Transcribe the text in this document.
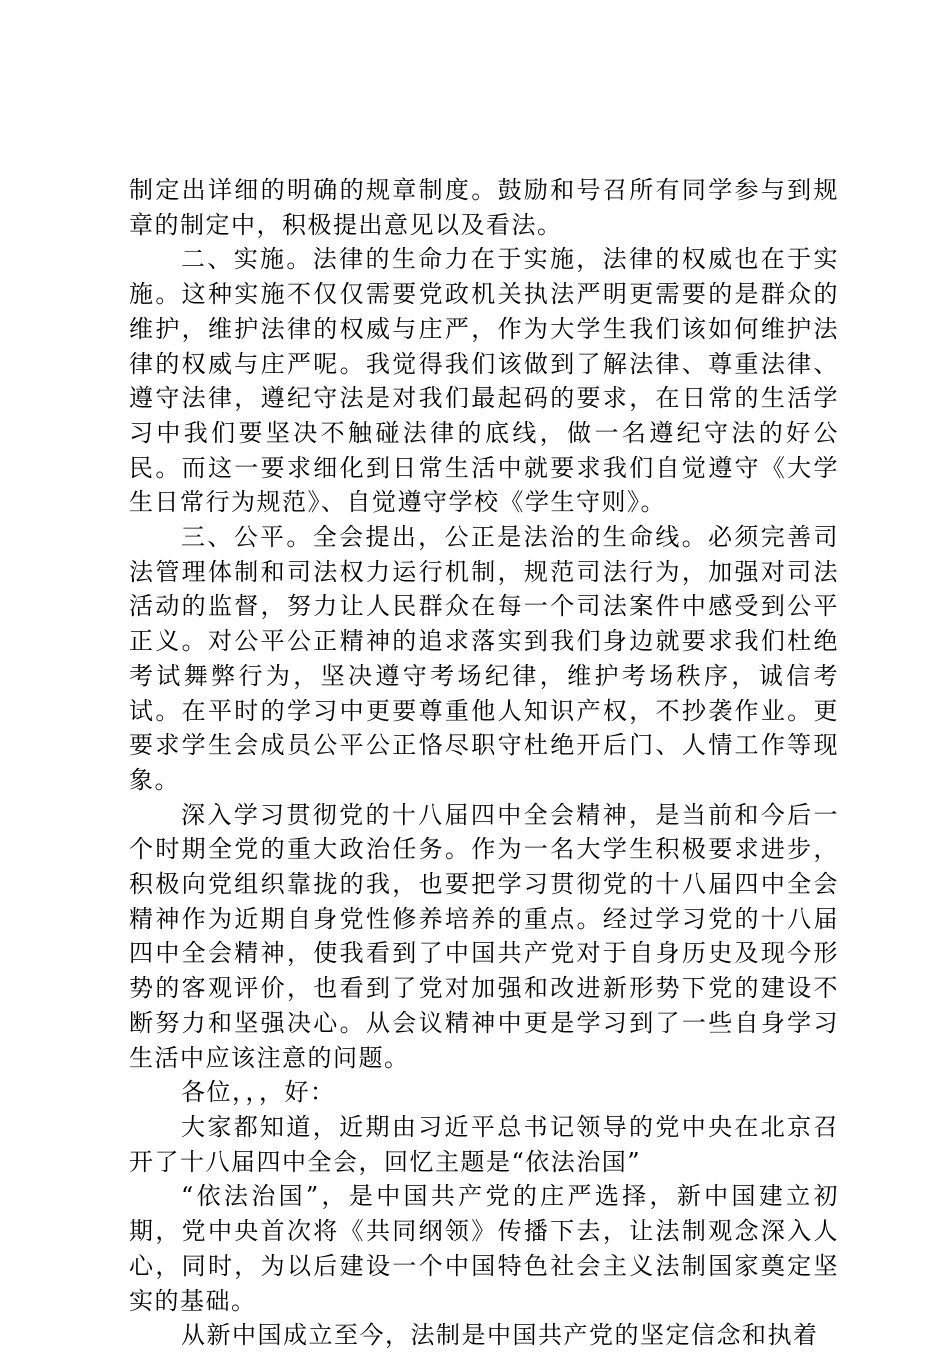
制定出详细的明确的规章制度。鼓励和号召所有同学参与到规章的制定中，积极提出意见以及看法。

二、实施。法律的生命力在于实施，法律的权威也在于实施。这种实施不仅仅需要党政机关执法严明更需要的是群众的维护，维护法律的权威与庄严，作为大学生我们该如何维护法律的权威与庄严呢。我觉得我们该做到了解法律、尊重法律、遵守法律，遵纪守法是对我们最起码的要求，在日常的生活学习中我们要坚决不触碰法律的底线，做一名遵纪守法的好公民。而这一要求细化到日常生活中就要求我们自觉遵守《大学生日常行为规范》、自觉遵守学校《学生守则》。

三、公平。全会提出，公正是法治的生命线。必须完善司法管理体制和司法权力运行机制，规范司法行为，加强对司法活动的监督，努力让人民群众在每一个司法案件中感受到公平正义。对公平公正精神的追求落实到我们身边就要求我们杜绝考试舞弊行为，坚决遵守考场纪律，维护考场秩序，诚信考试。在平时的学习中更要尊重他人知识产权，不抄袭作业。更要求学生会成员公平公正恪尽职守杜绝开后门、人情工作等现象。

深入学习贯彻党的十八届四中全会精神，是当前和今后一个时期全党的重大政治任务。作为一名大学生积极要求进步，积极向党组织靠拢的我，也要把学习贯彻党的十八届四中全会精神作为近期自身党性修养培养的重点。经过学习党的十八届四中全会精神，使我看到了中国共产党对于自身历史及现今形势的客观评价，也看到了党对加强和改进新形势下党的建设不断努力和坚强决心。从会议精神中更是学习到了一些自身学习生活中应该注意的问题。

各位，，，好：

大家都知道，近期由习近平总书记领导的党中央在北京召开了十八届四中全会，回忆主题是“依法治国”

“依法治国”，是中国共产党的庄严选择，新中国建立初期，党中央首次将《共同纲领》传播下去，让法制观念深入人心，同时，为以后建设一个中国特色社会主义法制国家奠定坚实的基础。

从新中国成立至今，法制是中国共产党的坚定信念和执着
